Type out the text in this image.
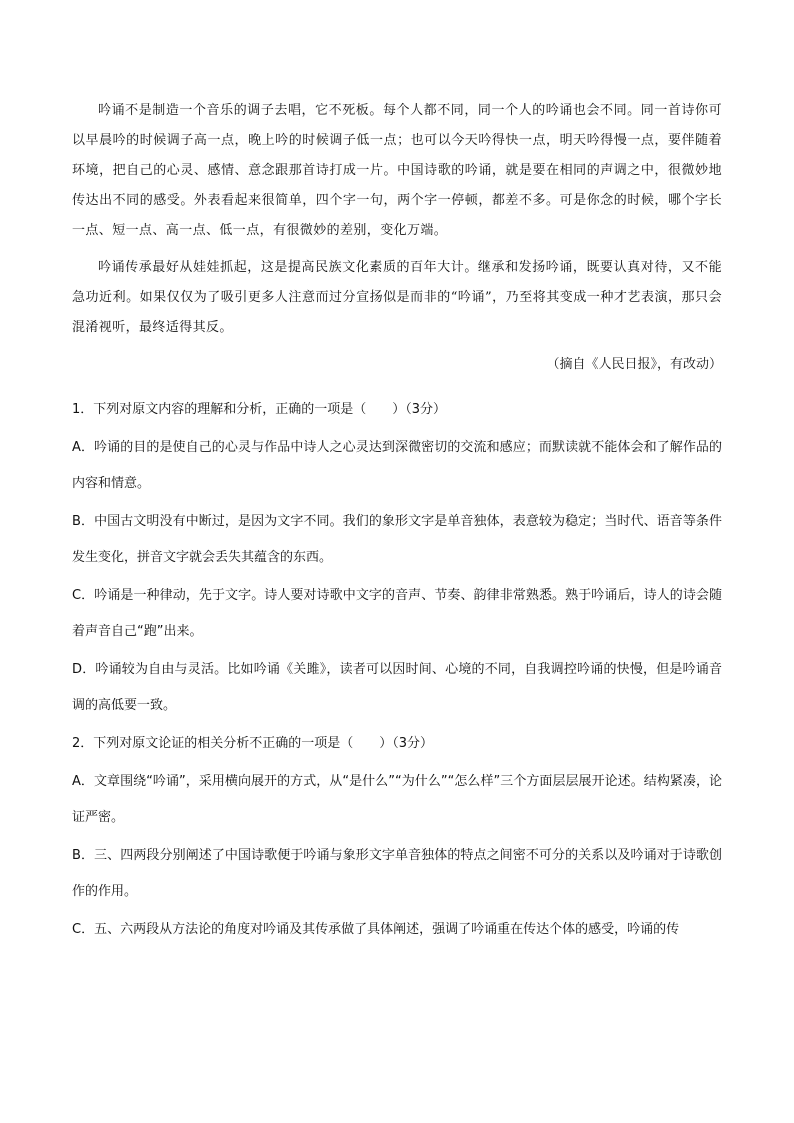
吟诵不是制造一个音乐的调子去唱，它不死板。每个人都不同，同一个人的吟诵也会不同。同一首诗你可以早晨吟的时候调子高一点，晚上吟的时候调子低一点；也可以今天吟得快一点，明天吟得慢一点，要伴随着环境，把自己的心灵、感情、意念跟那首诗打成一片。中国诗歌的吟诵，就是要在相同的声调之中，很微妙地传达出不同的感受。外表看起来很简单，四个字一句，两个字一停顿，都差不多。可是你念的时候，哪个字长一点、短一点、高一点、低一点，有很微妙的差别，变化万端。

吟诵传承最好从娃娃抓起，这是提高民族文化素质的百年大计。继承和发扬吟诵，既要认真对待，又不能急功近利。如果仅仅为了吸引更多人注意而过分宣扬似是而非的“吟诵”，乃至将其变成一种才艺表演，那只会混淆视听，最终适得其反。

（摘自《人民日报》，有改动）

1．下列对原文内容的理解和分析，正确的一项是（　　）（3分）

A．吟诵的目的是使自己的心灵与作品中诗人之心灵达到深微密切的交流和感应；而默读就不能体会和了解作品的内容和情意。

B．中国古文明没有中断过，是因为文字不同。我们的象形文字是单音独体，表意较为稳定；当时代、语音等条件发生变化，拼音文字就会丢失其蕴含的东西。

C．吟诵是一种律动，先于文字。诗人要对诗歌中文字的音声、节奏、韵律非常熟悉。熟于吟诵后，诗人的诗会随着声音自己“跑”出来。

D．吟诵较为自由与灵活。比如吟诵《关雎》，读者可以因时间、心境的不同，自我调控吟诵的快慢，但是吟诵音调的高低要一致。

2．下列对原文论证的相关分析不正确的一项是（　　）（3分）

A．文章围绕“吟诵”，采用横向展开的方式，从“是什么”“为什么”“怎么样”三个方面层层展开论述。结构紧凑，论证严密。

B．三、四两段分别阐述了中国诗歌便于吟诵与象形文字单音独体的特点之间密不可分的关系以及吟诵对于诗歌创作的作用。

C．五、六两段从方法论的角度对吟诵及其传承做了具体阐述，强调了吟诵重在传达个体的感受，吟诵的传
